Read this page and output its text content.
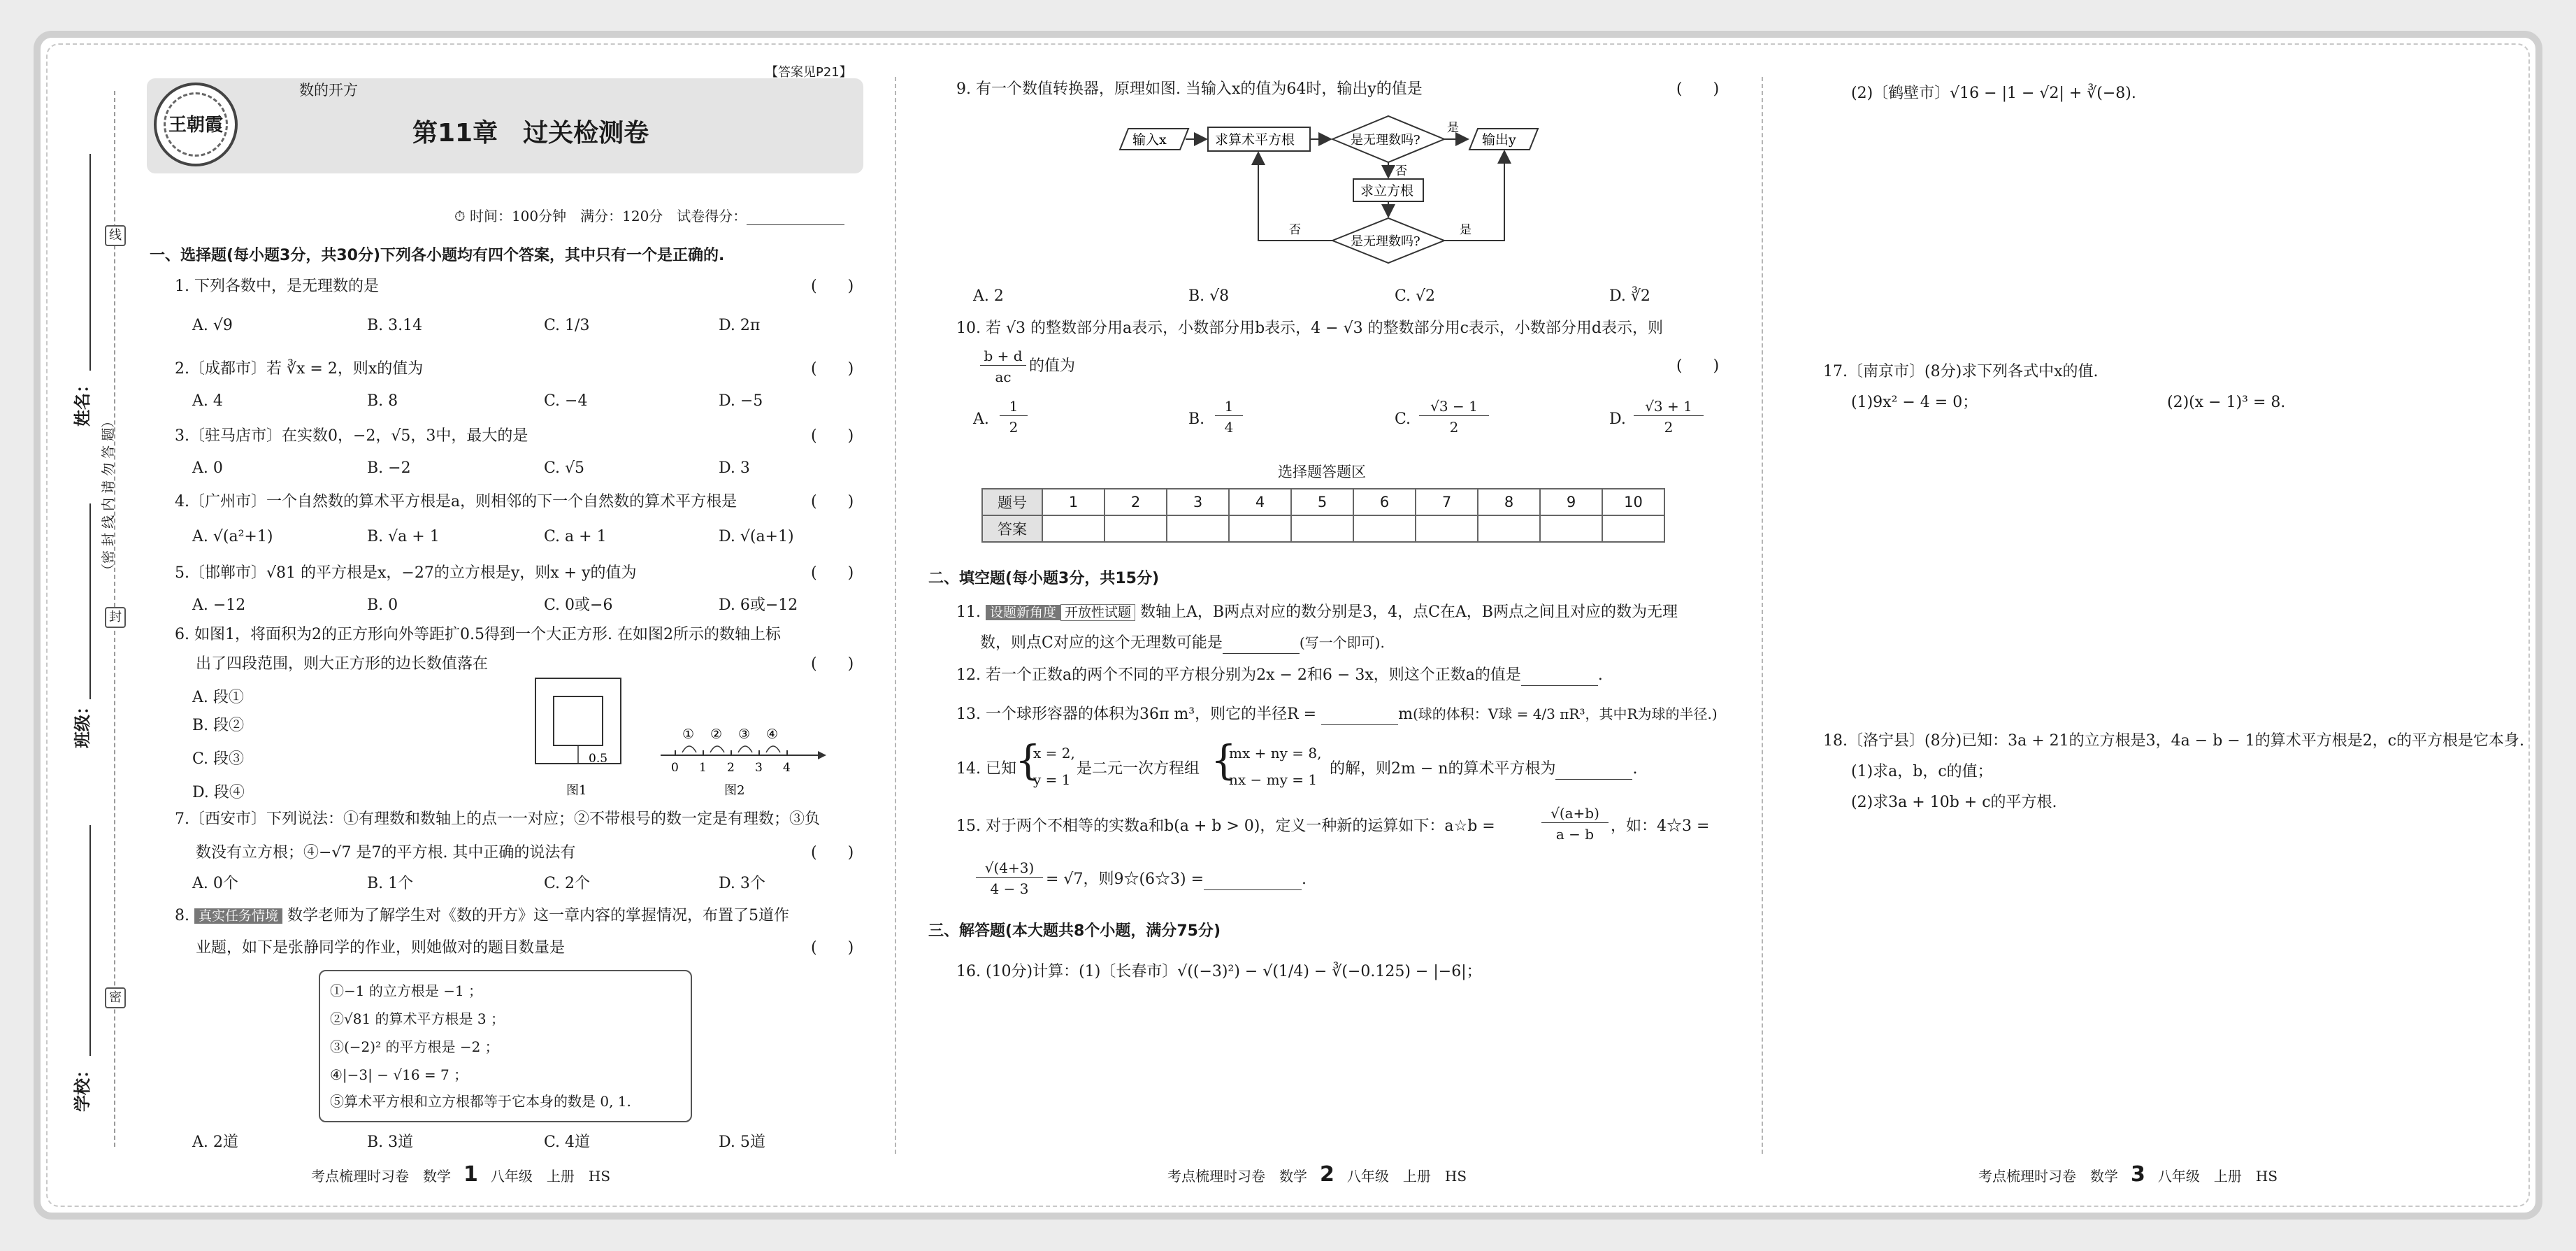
线
封
密
姓名：
班级：
学校：
（密 封 线 内 请 勿 答 题）
王朝霞
数的开方
【答案见P21】
第11章　过关检测卷
⏱ 时间：100分钟　满分：120分　试卷得分：
一、选择题(每小题3分，共30分)下列各小题均有四个答案，其中只有一个是正确的.
1. 下列各数中，是无理数的是	(　　)
A. √9	B. 3.14	C. 1/3	D. 2π
2.〔成都市〕若 ∛x = 2，则x的值为	(　　)
A. 4	B. 8	C. −4	D. −5
3.〔驻马店市〕在实数0，−2，√5，3中，最大的是	(　　)
A. 0	B. −2	C. √5	D. 3
4.〔广州市〕一个自然数的算术平方根是a，则相邻的下一个自然数的算术平方根是	(　　)
A. √(a²+1)	B. √a + 1	C. a + 1	D. √(a+1)
5.〔邯郸市〕√81 的平方根是x，−27的立方根是y，则x + y的值为	(　　)
A. −12	B. 0	C. 0或−6	D. 6或−12
6. 如图1，将面积为2的正方形向外等距扩0.5得到一个大正方形. 在如图2所示的数轴上标
出了四段范围，则大正方形的边长数值落在	(　　)
A. 段①
B. 段②
C. 段③
D. 段④
0.5
图1
0 1 2 3 4
① ② ③ ④
图2
7.〔西安市〕下列说法：①有理数和数轴上的点一一对应；②不带根号的数一定是有理数；③负
数没有立方根；④−√7 是7的平方根. 其中正确的说法有	(　　)
A. 0个	B. 1个	C. 2个	D. 3个
8. 真实任务情境 数学老师为了解学生对《数的开方》这一章内容的掌握情况，布置了5道作
业题，如下是张静同学的作业，则她做对的题目数量是	(　　)
①−1 的立方根是 −1 ；
②√81 的算术平方根是 3 ；
③(−2)² 的平方根是 −2 ；
④|−3| − √16 = 7 ；
⑤算术平方根和立方根都等于它本身的数是 0, 1.
A. 2道	B. 3道	C. 4道	D. 5道
9. 有一个数值转换器，原理如图. 当输入x的值为64时，输出y的值是	(　　)
输入x	求算术平方根	是无理数吗?
是
输出y
否
求立方根
是无理数吗?
是
否
A. 2	B. √8	C. √2	D. ∛2
10. 若 √3 的整数部分用a表示，小数部分用b表示，4 − √3 的整数部分用c表示，小数部分用d表示，则
(　　)
b + d
ac
的值为
A.
1
2	B.
1
4	C.
√3 − 1
2	D.
√3 + 1
2
选择题答题区
题号	1	2	3	4	5	6	7	8	9	10
答案										
二、填空题(每小题3分，共15分)
11. 设题新角度 开放性试题 数轴上A，B两点对应的数分别是3，4，点C在A，B两点之间且对应的数为无理
数，则点C对应的这个无理数可能是	(写一个即可).
12. 若一个正数a的两个不同的平方根分别为2x − 2和6 − 3x，则这个正数a的值是	.
13. 一个球形容器的体积为36π m³，则它的半径R =	m(球的体积：V球 = 4/3 πR³，其中R为球的半径.)
14. 已知
{
x = 2,
y = 1
是二元一次方程组 {
mx + ny = 8,
nx − my = 1
的解，则2m − n的算术平方根为	.
15. 对于两个不相等的实数a和b(a + b > 0)，定义一种新的运算如下：a☆b =
√(a+b)
a − b	，如：4☆3 =
√(4+3)
4 − 3
= √7，则9☆(6☆3) =	.
三、解答题(本大题共8个小题，满分75分)
16. (10分)计算：(1)〔长春市〕√((−3)²) − √(1/4) − ∛(−0.125) − |−6|；
(2)〔鹤壁市〕√16 − |1 − √2| + ∛(−8).
17.〔南京市〕(8分)求下列各式中x的值.
(1)9x² − 4 = 0；	(2)(x − 1)³ = 8.
18.〔洛宁县〕(8分)已知：3a + 21的立方根是3，4a − b − 1的算术平方根是2，c的平方根是它本身.
(1)求a，b，c的值；
(2)求3a + 10b + c的平方根.
考点梳理时习卷　数学 1 八年级　上册　HS	考点梳理时习卷　数学 2 八年级　上册　HS	考点梳理时习卷　数学 3 八年级　上册　HS
